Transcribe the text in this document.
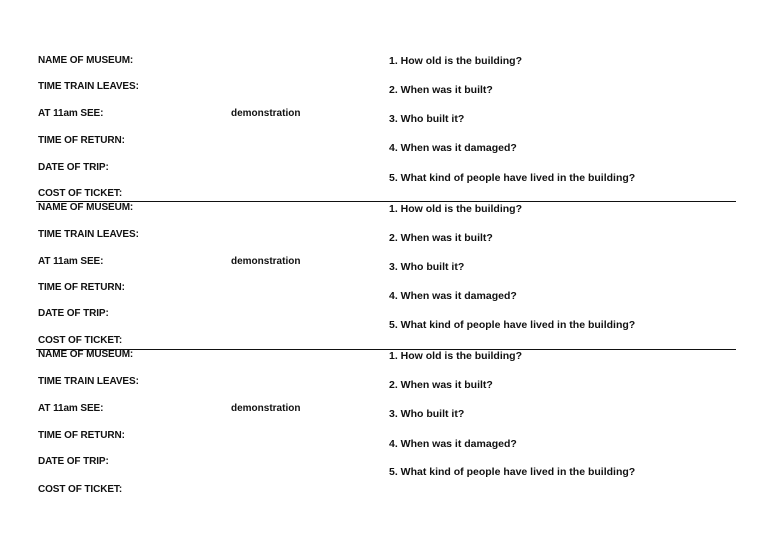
NAME OF MUSEUM:
TIME TRAIN LEAVES:
AT 11am SEE:	demonstration
TIME OF RETURN:
DATE OF TRIP:
COST OF TICKET:
1. How old is the building?
2. When was it built?
3. Who built it?
4. When was it damaged?
5. What kind of people have lived in the building?
NAME OF MUSEUM:
TIME TRAIN LEAVES:
AT 11am SEE:	demonstration
TIME OF RETURN:
DATE OF TRIP:
COST OF TICKET:
1. How old is the building?
2. When was it built?
3. Who built it?
4. When was it damaged?
5. What kind of people have lived in the building?
NAME OF MUSEUM:
TIME TRAIN LEAVES:
AT 11am SEE:	demonstration
TIME OF RETURN:
DATE OF TRIP:
COST OF TICKET:
1. How old is the building?
2. When was it built?
3. Who built it?
4. When was it damaged?
5. What kind of people have lived in the building?
